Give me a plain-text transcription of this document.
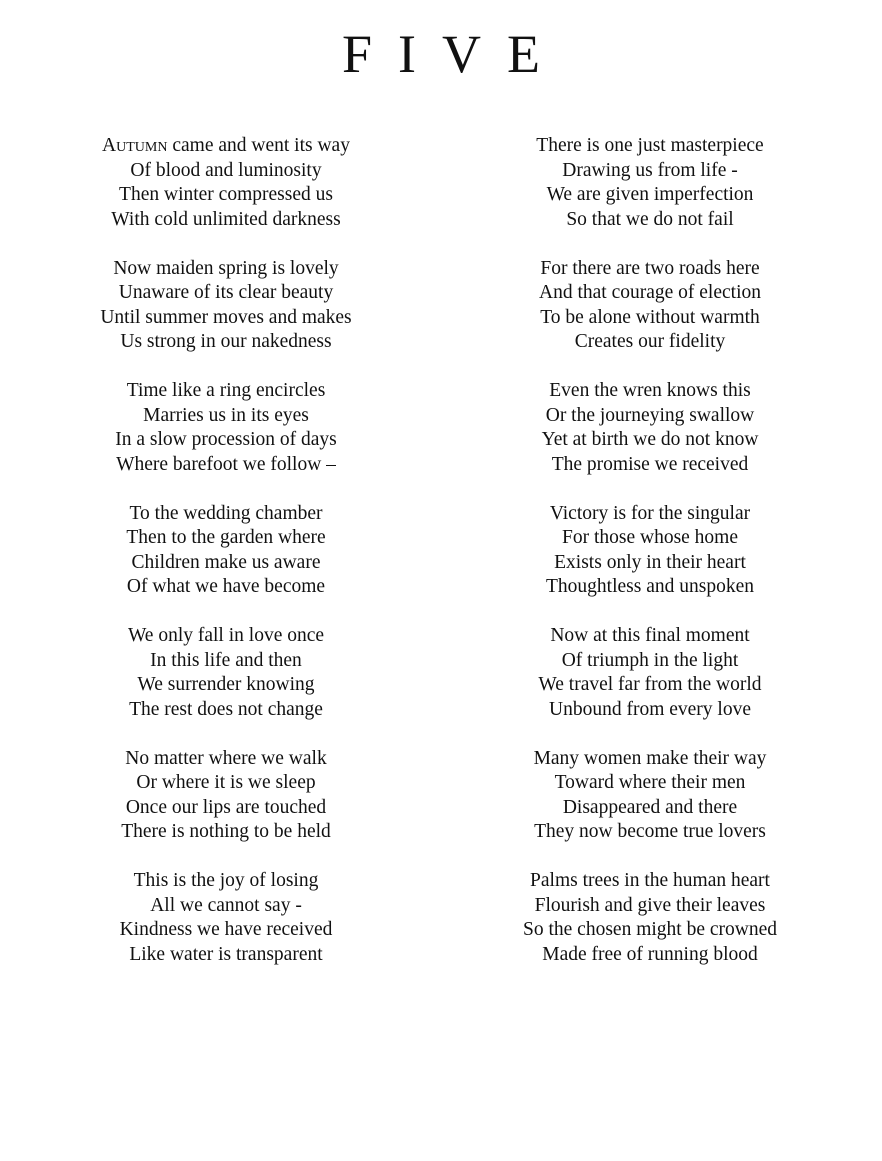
FIVE
Autumn came and went its way
Of blood and luminosity
Then winter compressed us
With cold unlimited darkness
Now maiden spring is lovely
Unaware of its clear beauty
Until summer moves and makes
Us strong in our nakedness
Time like a ring encircles
Marries us in its eyes
In a slow procession of days
Where barefoot we follow –
To the wedding chamber
Then to the garden where
Children make us aware
Of what we have become
We only fall in love once
In this life and then
We surrender knowing
The rest does not change
No matter where we walk
Or where it is we sleep
Once our lips are touched
There is nothing to be held
This is the joy of losing
All we cannot say -
Kindness we have received
Like water is transparent
There is one just masterpiece
Drawing us from life -
We are given imperfection
So that we do not fail
For there are two roads here
And that courage of election
To be alone without warmth
Creates our fidelity
Even the wren knows this
Or the journeying swallow
Yet at birth we do not know
The promise we received
Victory is for the singular
For those whose home
Exists only in their heart
Thoughtless and unspoken
Now at this final moment
Of triumph in the light
We travel far from the world
Unbound from every love
Many women make their way
Toward where their men
Disappeared and there
They now become true lovers
Palms trees in the human heart
Flourish and give their leaves
So the chosen might be crowned
Made free of running blood
